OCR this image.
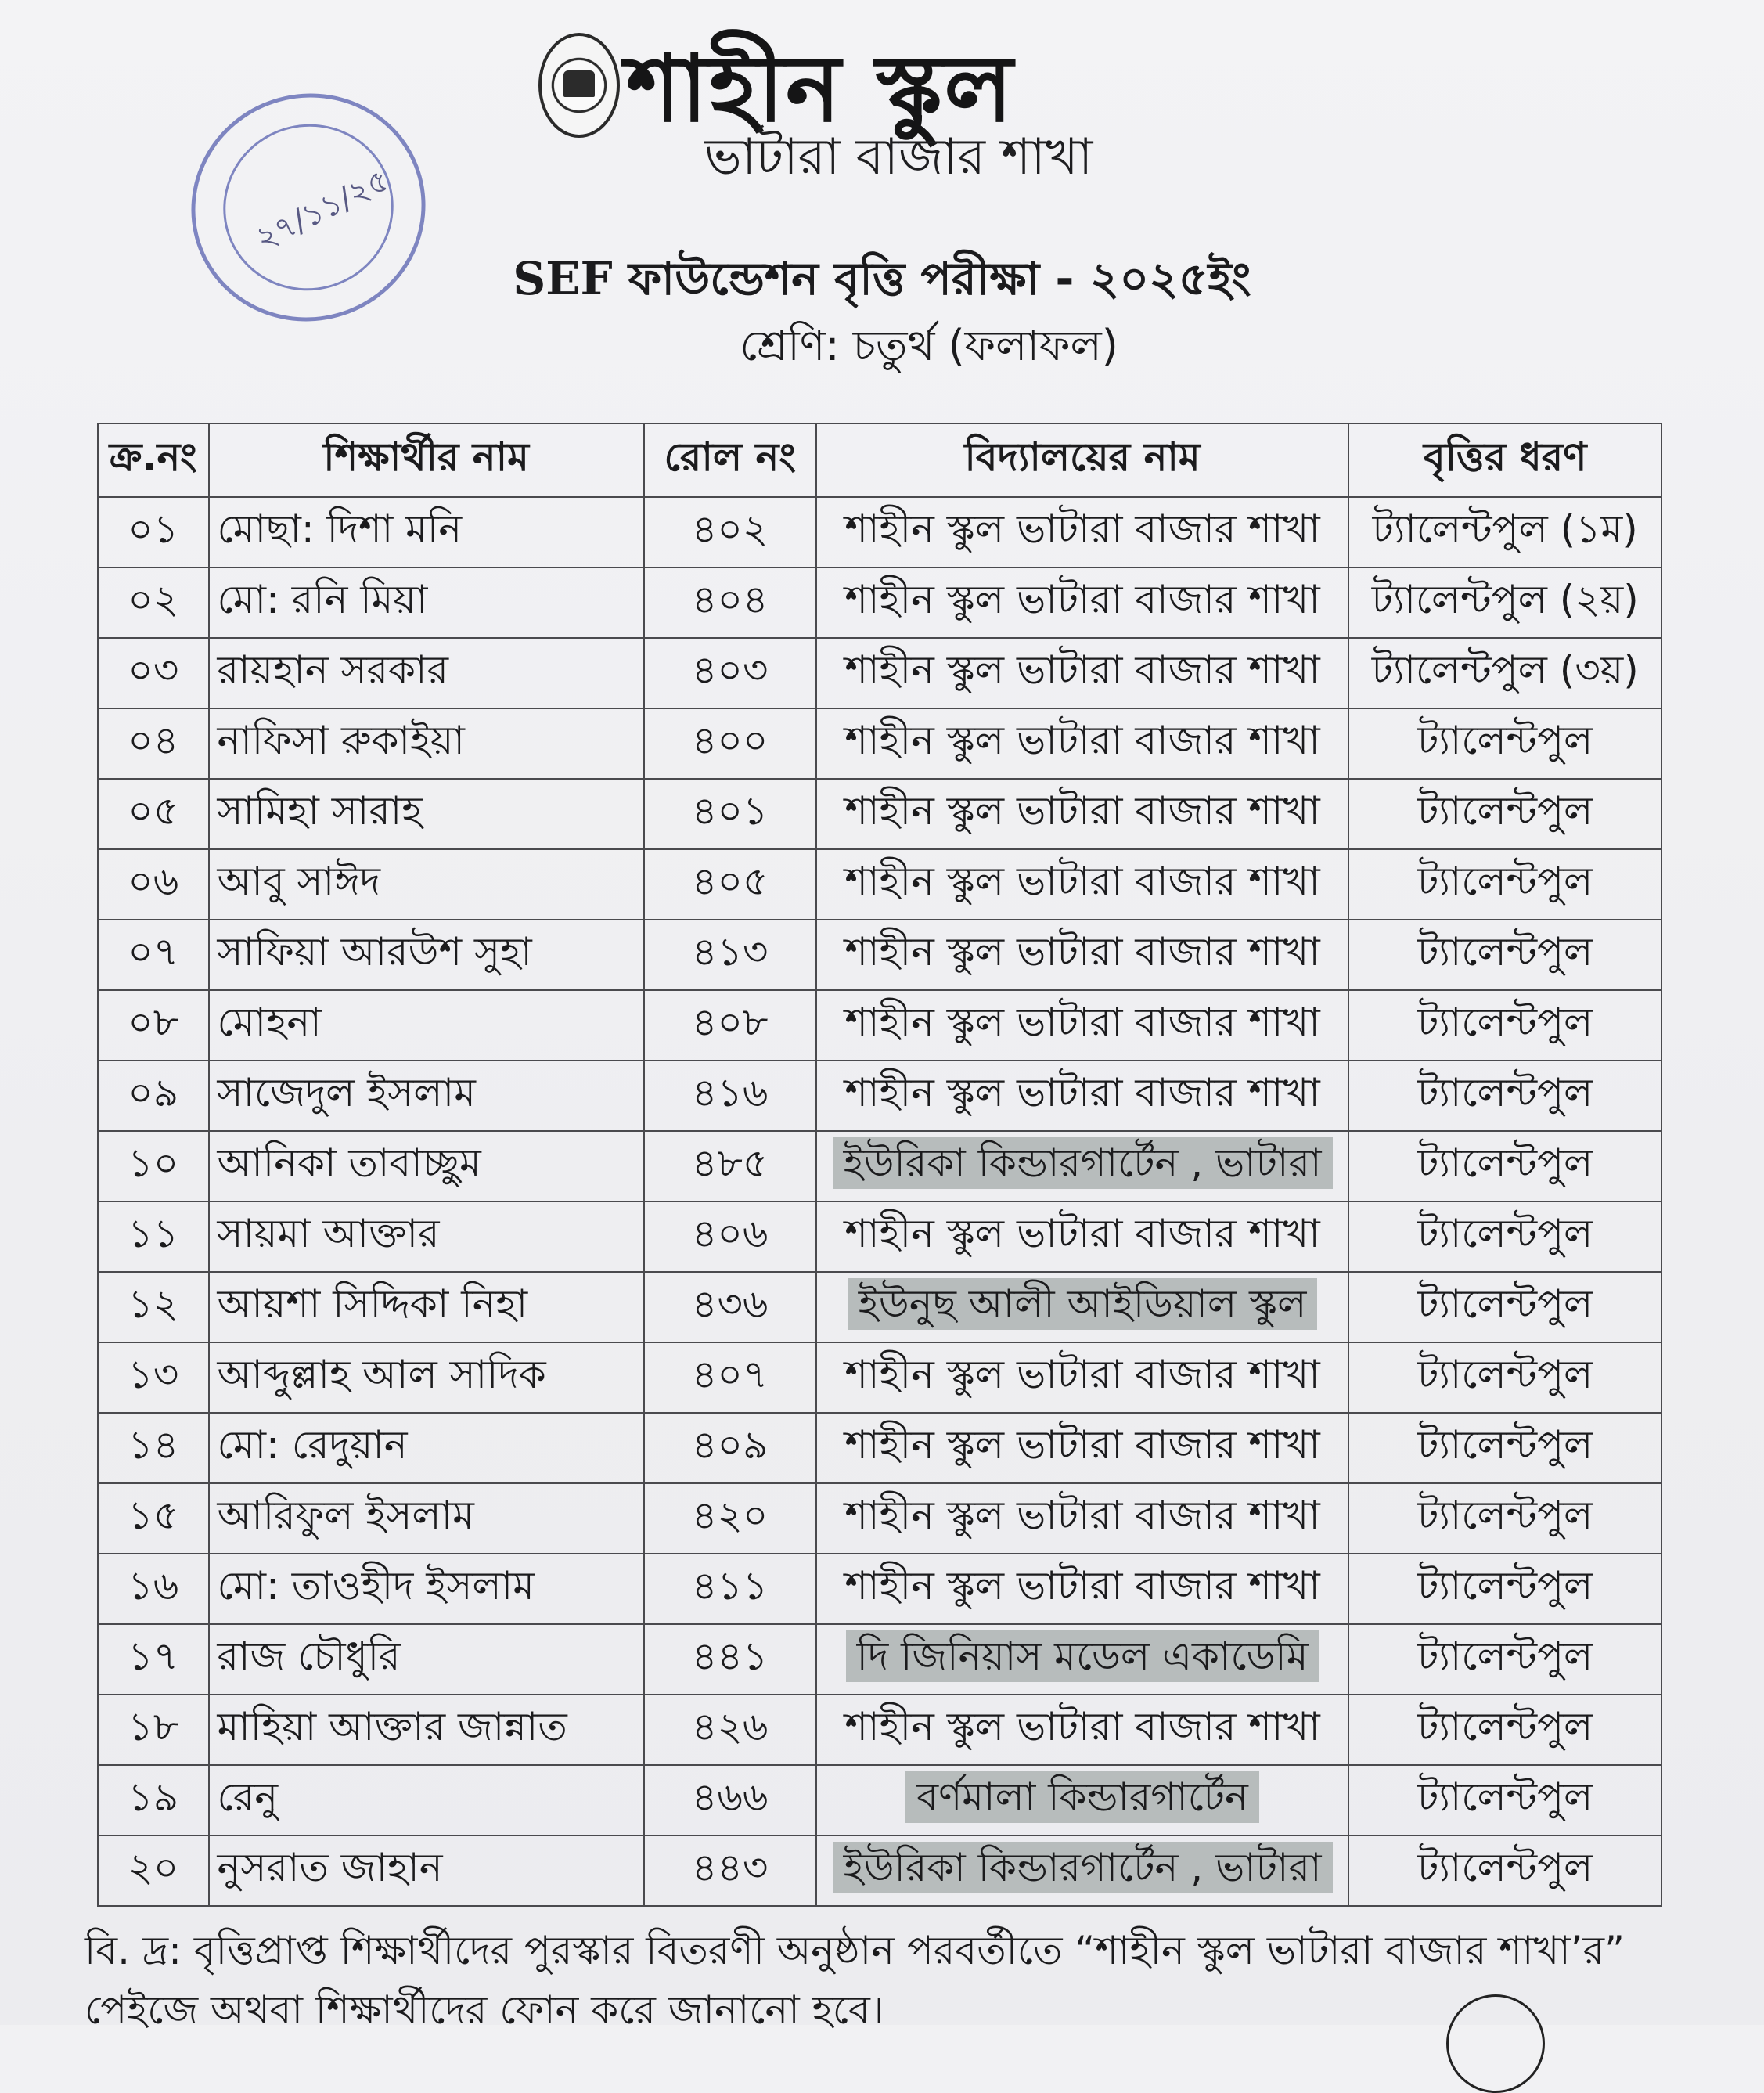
২৭/১১/২৫
শাহীন স্কুল
ভাটারা বাজার শাখা
SEF ফাউন্ডেশন বৃত্তি পরীক্ষা - ২০২৫ইং
শ্রেণি: চতুর্থ (ফলাফল)
ক্র.নং	শিক্ষার্থীর নাম	রোল নং	বিদ্যালয়ের নাম	বৃত্তির ধরণ
০১	মোছা: দিশা মনি	৪০২	শাহীন স্কুল ভাটারা বাজার শাখা	ট্যালেন্টপুল (১ম)
০২	মো: রনি মিয়া	৪০৪	শাহীন স্কুল ভাটারা বাজার শাখা	ট্যালেন্টপুল (২য়)
০৩	রায়হান সরকার	৪০৩	শাহীন স্কুল ভাটারা বাজার শাখা	ট্যালেন্টপুল (৩য়)
০৪	নাফিসা রুকাইয়া	৪০০	শাহীন স্কুল ভাটারা বাজার শাখা	ট্যালেন্টপুল
০৫	সামিহা সারাহ	৪০১	শাহীন স্কুল ভাটারা বাজার শাখা	ট্যালেন্টপুল
০৬	আবু সাঈদ	৪০৫	শাহীন স্কুল ভাটারা বাজার শাখা	ট্যালেন্টপুল
০৭	সাফিয়া আরউশ সুহা	৪১৩	শাহীন স্কুল ভাটারা বাজার শাখা	ট্যালেন্টপুল
০৮	মোহনা	৪০৮	শাহীন স্কুল ভাটারা বাজার শাখা	ট্যালেন্টপুল
০৯	সাজেদুল ইসলাম	৪১৬	শাহীন স্কুল ভাটারা বাজার শাখা	ট্যালেন্টপুল
১০	আনিকা তাবাচ্ছুম	৪৮৫	ইউরিকা কিন্ডারগার্টেন , ভাটারা	ট্যালেন্টপুল
১১	সায়মা আক্তার	৪০৬	শাহীন স্কুল ভাটারা বাজার শাখা	ট্যালেন্টপুল
১২	আয়শা সিদ্দিকা নিহা	৪৩৬	ইউনুছ আলী আইডিয়াল স্কুল	ট্যালেন্টপুল
১৩	আব্দুল্লাহ আল সাদিক	৪০৭	শাহীন স্কুল ভাটারা বাজার শাখা	ট্যালেন্টপুল
১৪	মো: রেদুয়ান	৪০৯	শাহীন স্কুল ভাটারা বাজার শাখা	ট্যালেন্টপুল
১৫	আরিফুল ইসলাম	৪২০	শাহীন স্কুল ভাটারা বাজার শাখা	ট্যালেন্টপুল
১৬	মো: তাওহীদ ইসলাম	৪১১	শাহীন স্কুল ভাটারা বাজার শাখা	ট্যালেন্টপুল
১৭	রাজ চৌধুরি	৪৪১	দি জিনিয়াস মডেল একাডেমি	ট্যালেন্টপুল
১৮	মাহিয়া আক্তার জান্নাত	৪২৬	শাহীন স্কুল ভাটারা বাজার শাখা	ট্যালেন্টপুল
১৯	রেনু	৪৬৬	বর্ণমালা কিন্ডারগার্টেন	ট্যালেন্টপুল
২০	নুসরাত জাহান	৪৪৩	ইউরিকা কিন্ডারগার্টেন , ভাটারা	ট্যালেন্টপুল
বি. দ্র: বৃত্তিপ্রাপ্ত শিক্ষার্থীদের পুরস্কার বিতরণী অনুষ্ঠান পরবর্তীতে “শাহীন স্কুল ভাটারা বাজার শাখা’র”
পেইজে অথবা শিক্ষার্থীদের ফোন করে জানানো হবে।
